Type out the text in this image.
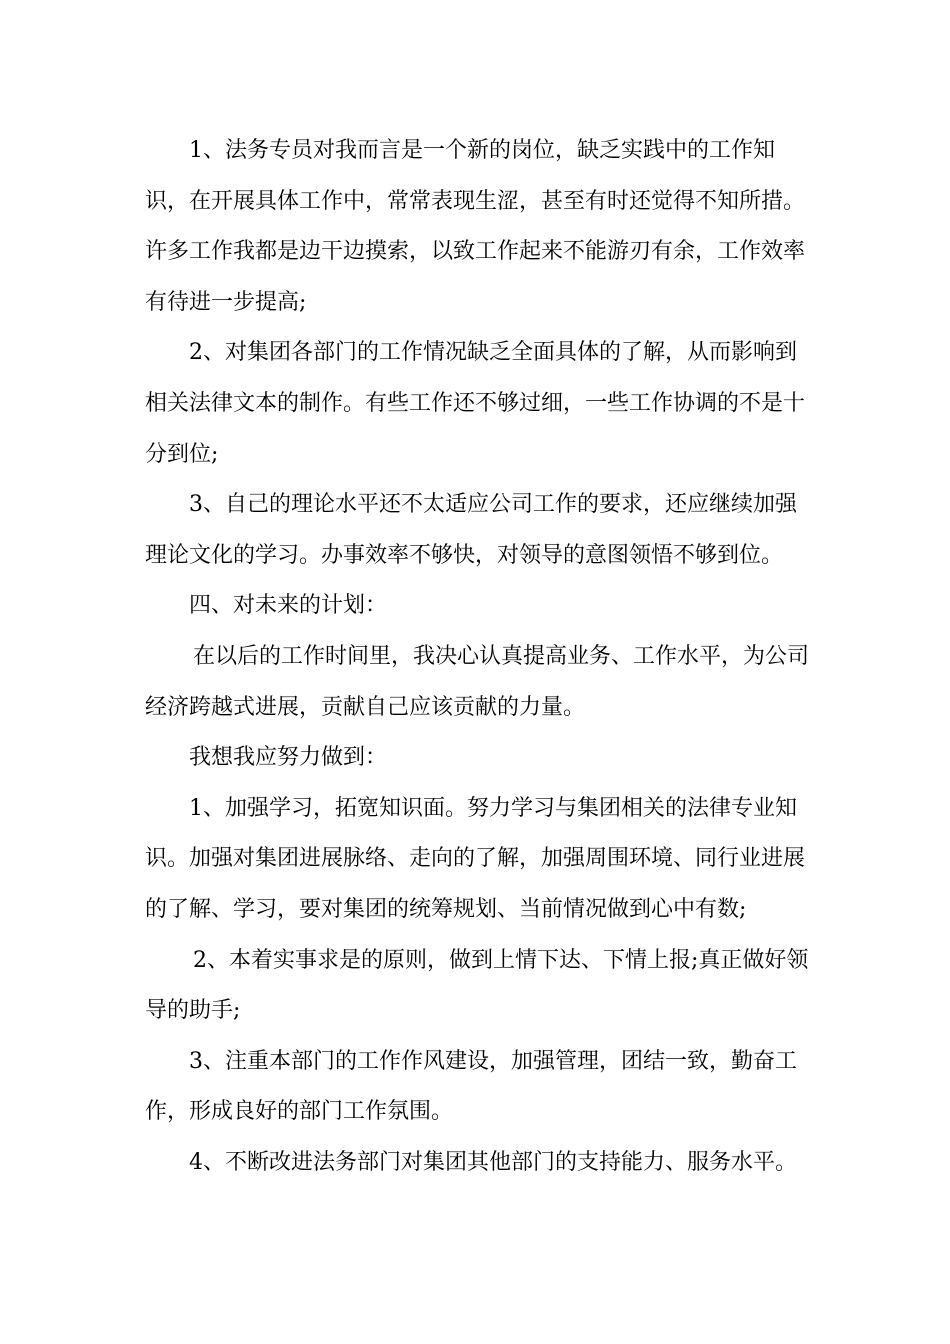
1、法务专员对我而言是一个新的岗位，缺乏实践中的工作知识，在开展具体工作中，常常表现生涩，甚至有时还觉得不知所措。许多工作我都是边干边摸索，以致工作起来不能游刃有余，工作效率有待进一步提高;

2、对集团各部门的工作情况缺乏全面具体的了解，从而影响到相关法律文本的制作。有些工作还不够过细，一些工作协调的不是十分到位;

3、自己的理论水平还不太适应公司工作的要求，还应继续加强理论文化的学习。办事效率不够快，对领导的意图领悟不够到位。

四、对未来的计划：

在以后的工作时间里，我决心认真提高业务、工作水平，为公司经济跨越式进展，贡献自己应该贡献的力量。

我想我应努力做到：

1、加强学习，拓宽知识面。努力学习与集团相关的法律专业知识。加强对集团进展脉络、走向的了解，加强周围环境、同行业进展的了解、学习，要对集团的统筹规划、当前情况做到心中有数;

2、本着实事求是的原则，做到上情下达、下情上报;真正做好领导的助手;

3、注重本部门的工作作风建设，加强管理，团结一致，勤奋工作，形成良好的部门工作氛围。

4、不断改进法务部门对集团其他部门的支持能力、服务水平。
